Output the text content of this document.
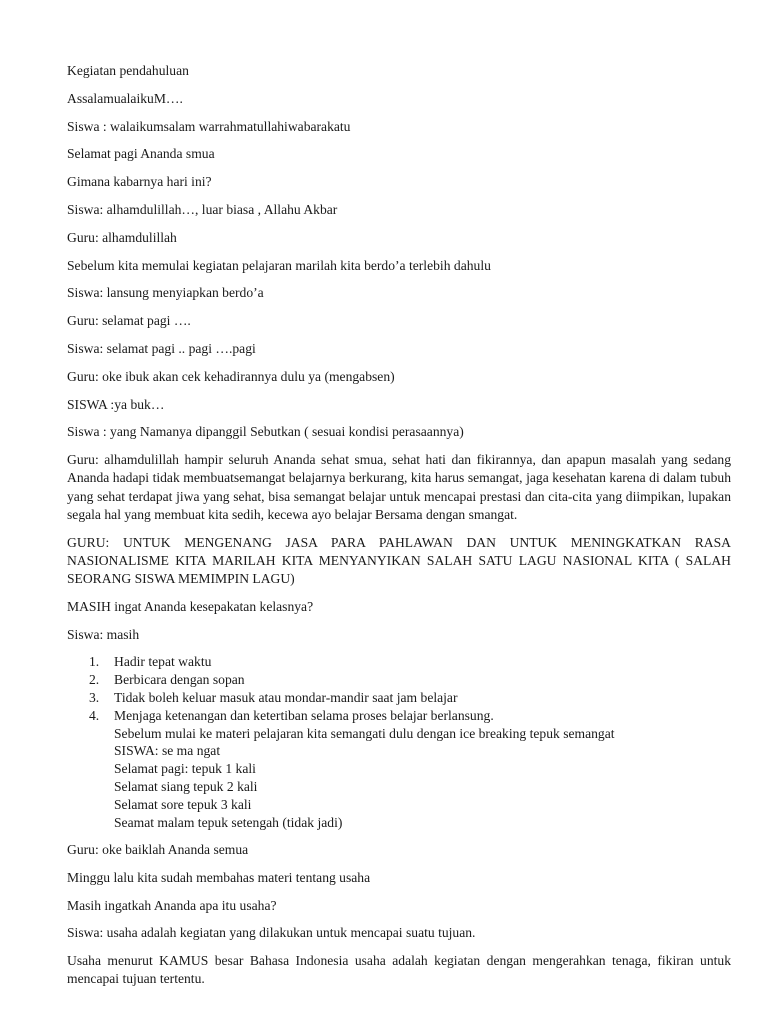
Kegiatan pendahuluan

AssalamualaikuM….

Siswa : walaikumsalam warrahmatullahiwabarakatu

Selamat pagi Ananda smua

Gimana kabarnya hari ini?

Siswa: alhamdulillah…, luar biasa , Allahu Akbar

Guru: alhamdulillah

Sebelum kita memulai kegiatan pelajaran marilah kita berdo’a terlebih dahulu

Siswa: lansung menyiapkan berdo’a

Guru: selamat pagi ….

Siswa: selamat pagi .. pagi ….pagi

Guru: oke ibuk akan cek kehadirannya dulu ya (mengabsen)

SISWA :ya buk…

Siswa : yang Namanya dipanggil Sebutkan ( sesuai kondisi perasaannya)

Guru: alhamdulillah hampir seluruh Ananda sehat smua, sehat hati dan fikirannya, dan apapun masalah yang sedang Ananda hadapi tidak membuatsemangat belajarnya berkurang, kita harus semangat, jaga kesehatan karena di dalam tubuh yang sehat terdapat jiwa yang sehat, bisa semangat belajar untuk mencapai prestasi dan cita-cita yang diimpikan, lupakan segala hal yang membuat kita sedih, kecewa ayo belajar Bersama dengan smangat.

GURU: UNTUK MENGENANG JASA PARA PAHLAWAN DAN UNTUK MENINGKATKAN RASA NASIONALISME KITA MARILAH KITA MENYANYIKAN SALAH SATU LAGU NASIONAL KITA ( SALAH SEORANG SISWA MEMIMPIN LAGU)

MASIH ingat Ananda kesepakatan kelasnya?

Siswa: masih

1. Hadir tepat waktu
2. Berbicara dengan sopan
3. Tidak boleh keluar masuk atau mondar-mandir saat jam belajar
4. Menjaga ketenangan dan ketertiban selama proses belajar berlansung.
Sebelum mulai ke materi pelajaran kita semangati dulu dengan ice breaking tepuk semangat
SISWA: se ma ngat
Selamat pagi: tepuk 1 kali
Selamat siang tepuk 2 kali
Selamat sore tepuk 3 kali
Seamat malam tepuk setengah (tidak jadi)

Guru: oke baiklah Ananda semua

Minggu lalu kita sudah membahas materi tentang usaha

Masih ingatkah Ananda apa itu usaha?

Siswa: usaha adalah kegiatan yang dilakukan untuk mencapai suatu tujuan.

Usaha menurut KAMUS besar Bahasa Indonesia usaha adalah kegiatan dengan mengerahkan tenaga, fikiran untuk mencapai tujuan tertentu.
